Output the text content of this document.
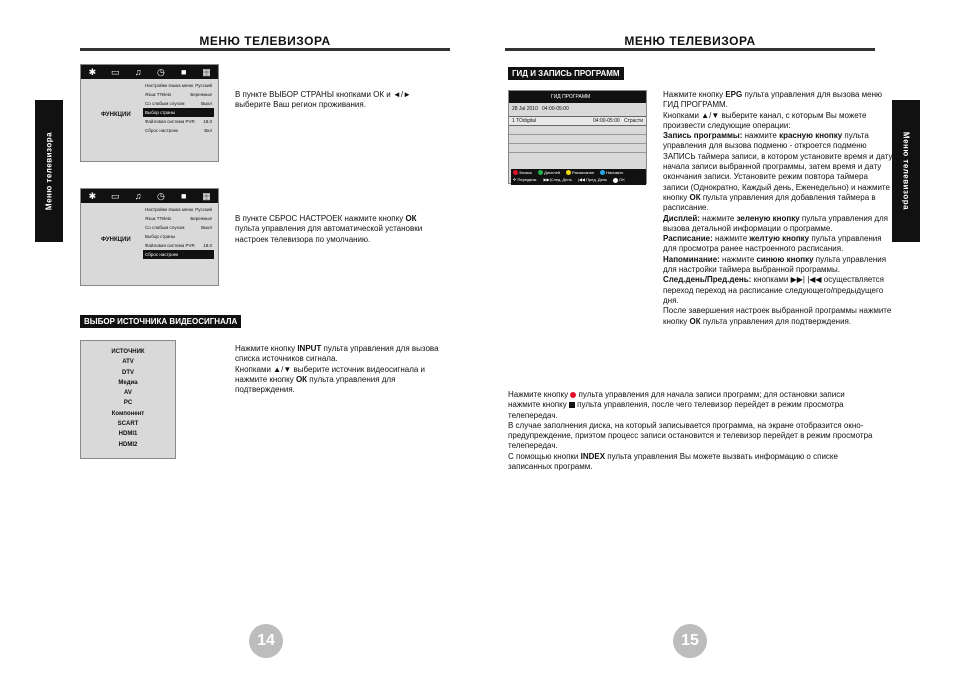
МЕНЮ ТЕЛЕВИЗОРА
Меню телевизора
✱	▭	♫	◷	■	▦
ФУНКЦИИ
Настройки языка меню Русский
Язык TTeletx	Бережные
Со слабым слухом	Выкл
Выбор страны
Файловая система PVR 18.0
Сброс настроек	Вкл
В пункте ВЫБОР СТРАНЫ кнопками ОК и ◄/► выберите Ваш регион проживания.
✱	▭	♫	◷	■	▦
ФУНКЦИИ
Настройки языка меню Русский
Язык TTeletx	Бережные
Со слабым слухом	Выкл
Выбор страны
Файловая система PVR 18.0
Сброс настроек
В пункте СБРОС НАСТРОЕК нажмите кнопку ОК пульта управления для автоматической установки настроек телевизора по умолчанию.
ВЫБОР ИСТОЧНИКА ВИДЕОСИГНАЛА
ИСТОЧНИК
ATV
DTV
Медиа
AV
PC
Компонент
SCART
HDMI1
HDMI2
Нажмите кнопку INPUT пульта управления для вызова списка источников сигнала.
Кнопками ▲/▼ выберите источник видеосигнала и нажмите кнопку ОК пульта управления для подтверждения.
14
МЕНЮ ТЕЛЕВИЗОРА
Меню телевизора
ГИД И ЗАПИСЬ ПРОГРАММ
ГИД ПРОГРАММ
28 Jul 2010 04:00-05:00
1 TOdigital	04:00-05:00 Страсти
Запись	Дисплей	Расписание	Напомин.
✣ Передвиж. ▶▶|След. День |◀◀ Пред. День	OK
Нажмите кнопку EPG пульта управления для вызова меню ГИД ПРОГРАММ.
Кнопками ▲/▼ выберите канал, с которым Вы можете произвести следующие операции:
Запись программы: нажмите красную кнопку пульта управления для вызова подменю - откроется подменю ЗАПИСЬ таймера записи, в котором установите время и дату начала записи выбранной программы, затем время и дату окончания записи. Установите режим повтора таймера записи (Однократно, Каждый день, Еженедельно) и нажмите кнопку ОК пульта управления для добавления таймера в расписание.
Дисплей: нажмите зеленую кнопку пульта управления для вызова детальной информации о программе.
Расписание: нажмите желтую кнопку пульта управления для просмотра ранее настроенного расписания.
Напоминание: нажмите синюю кнопку пульта управления для настройки таймера выбранной программы.
След.день/Пред.день: кнопками ▶▶| |◀◀ осуществляется переход переход на расписание следующего/предыдущего дня.
После завершения настроек выбранной программы нажмите кнопку ОК пульта управления для подтверждения.
Нажмите кнопку  пульта управления для начала записи программ; для остановки записи нажмите кнопку  пульта управления, после чего телевизор перейдет в режим просмотра телепередач.
В случае заполнения диска, на который записывается программа, на экране отобразится окно-предупреждение, приэтом процесс записи остановится и телевизор перейдет в режим просмотра телепередач.
С помощью кнопки INDEX пульта управления Вы можете вызвать информацию о списке записанных программ.
15
